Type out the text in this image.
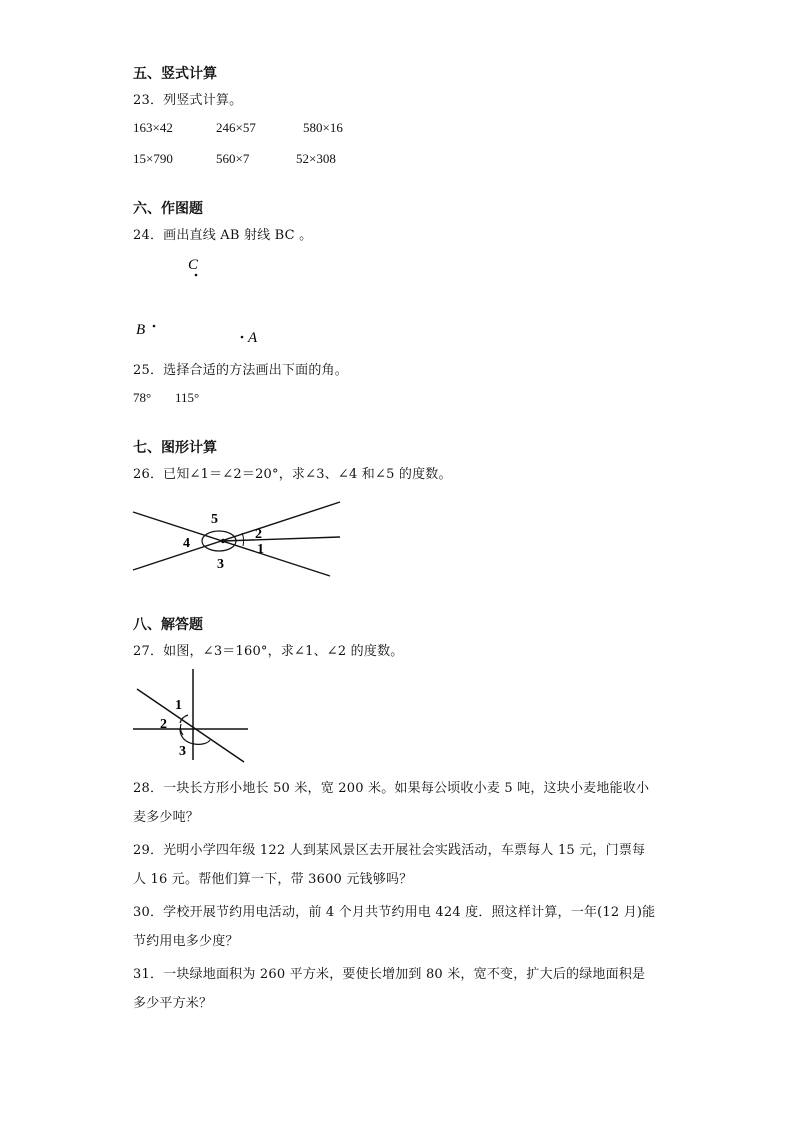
五、竖式计算
23．列竖式计算。
163×42	246×57	580×16
15×790	560×7	52×308
六、作图题
24．画出直线 AB 射线 BC 。
C
B	A
25．选择合适的方法画出下面的角。
78° 115°
七、图形计算
26．已知∠1＝∠2＝20°，求∠3、∠4 和∠5 的度数。
1
2
3
4
5
八、解答题
27．如图，∠3＝160°，求∠1、∠2 的度数。
1
2
3
28．一块长方形小地长 50 米，宽 200 米。如果每公顷收小麦 5 吨，这块小麦地能收小
麦多少吨？
29．光明小学四年级 122 人到某风景区去开展社会实践活动，车票每人 15 元，门票每
人 16 元。帮他们算一下，带 3600 元钱够吗？
30．学校开展节约用电活动，前 4 个月共节约用电 424 度．照这样计算，一年(12 月)能
节约用电多少度？
31．一块绿地面积为 260 平方米，要使长增加到 80 米，宽不变，扩大后的绿地面积是
多少平方米？
